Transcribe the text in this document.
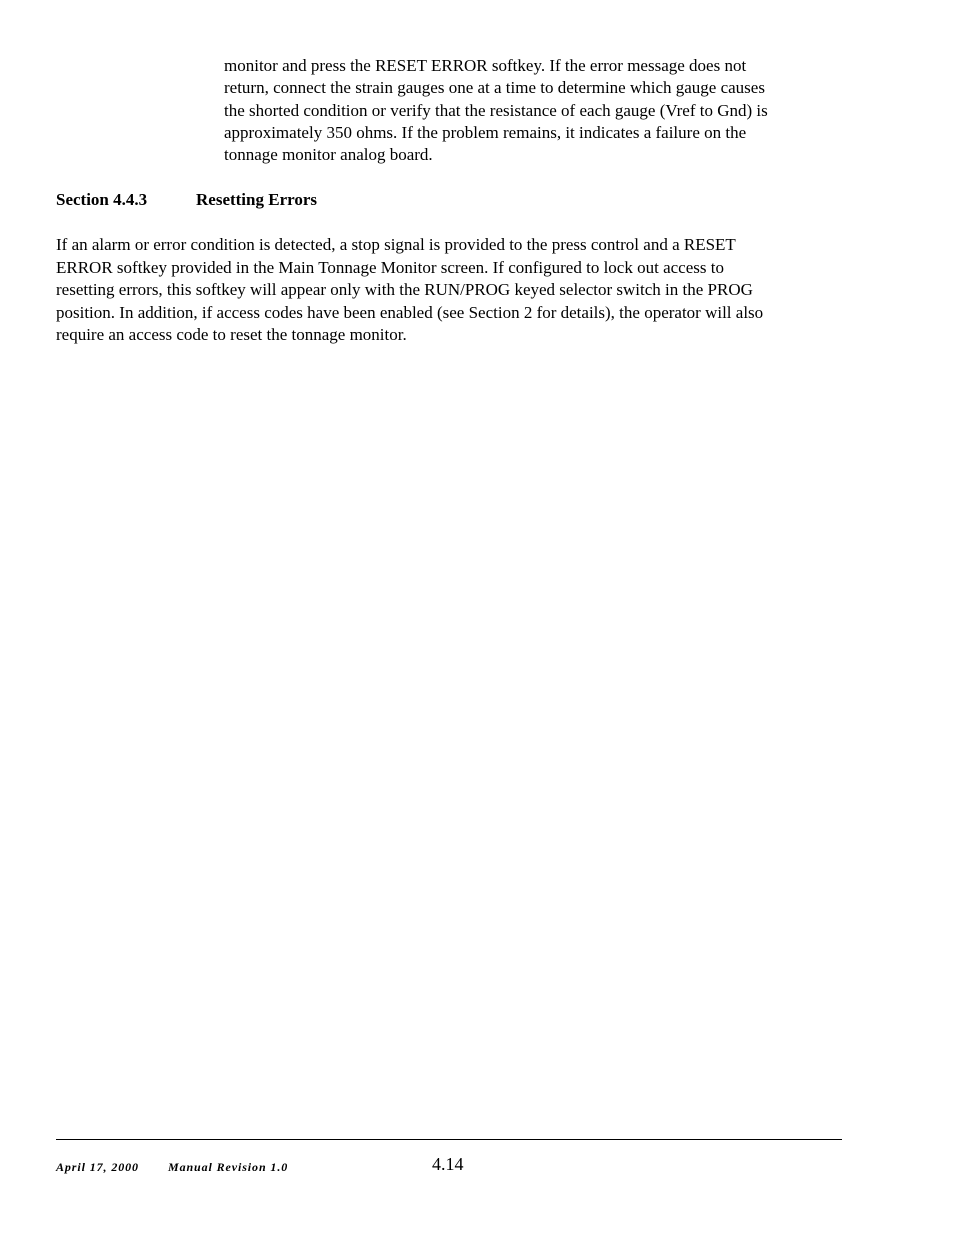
monitor and press the RESET ERROR softkey. If the error message does not
return, connect the strain gauges one at a time to determine which gauge causes
the shorted condition or verify that the resistance of each gauge (Vref to Gnd) is
approximately 350 ohms. If the problem remains, it indicates a failure on the
tonnage monitor analog board.
Section 4.4.3	Resetting Errors
If an alarm or error condition is detected, a stop signal is provided to the press control and a RESET
ERROR softkey provided in the Main Tonnage Monitor screen. If configured to lock out access to
resetting errors, this softkey will appear only with the RUN/PROG keyed selector switch in the PROG
position. In addition, if access codes have been enabled (see Section 2 for details), the operator will also
require an access code to reset the tonnage monitor.
April 17, 2000 Manual Revision 1.0	4.14
